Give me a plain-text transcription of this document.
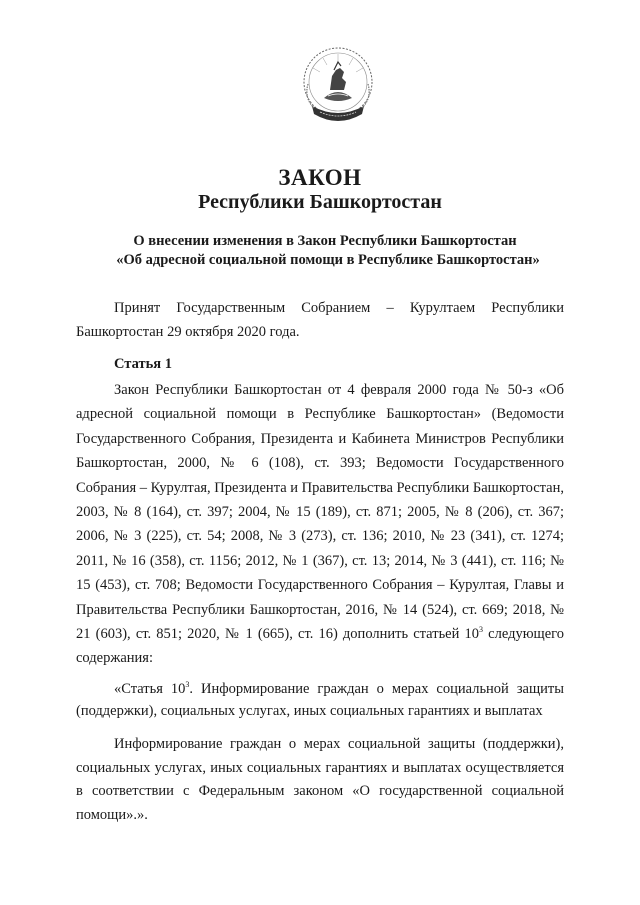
ЗАКОН
Республики Башкортостан
О внесении изменения в Закон Республики Башкортостан
«Об адресной социальной помощи в Республике Башкортостан»

Принят Государственным Собранием – Курултаем Республики Башкортостан 29 октября 2020 года.

Статья 1

Закон Республики Башкортостан от 4 февраля 2000 года № 50-з «Об адресной социальной помощи в Республике Башкортостан» (Ведомости Государственного Собрания, Президента и Кабинета Министров Республики Башкортостан, 2000, № 6 (108), ст. 393; Ведомости Государственного Собрания – Курултая, Президента и Правительства Республики Башкортостан, 2003, № 8 (164), ст. 397; 2004, № 15 (189), ст. 871; 2005, № 8 (206), ст. 367; 2006, № 3 (225), ст. 54; 2008, № 3 (273), ст. 136; 2010, № 23 (341), ст. 1274; 2011, № 16 (358), ст. 1156; 2012, № 1 (367), ст. 13; 2014, № 3 (441), ст. 116; № 15 (453), ст. 708; Ведомости Государственного Собрания – Курултая, Главы и Правительства Республики Башкортостан, 2016, № 14 (524), ст. 669; 2018, № 21 (603), ст. 851; 2020, № 1 (665), ст. 16) дополнить статьей $10^3$ следующего содержания:

«Статья $10^3$. Информирование граждан о мерах социальной защиты (поддержки), социальных услугах, иных социальных гарантиях и выплатах

Информирование граждан о мерах социальной защиты (поддержки), социальных услугах, иных социальных гарантиях и выплатах осуществляется в соответствии с Федеральным законом «О государственной социальной помощи».».
